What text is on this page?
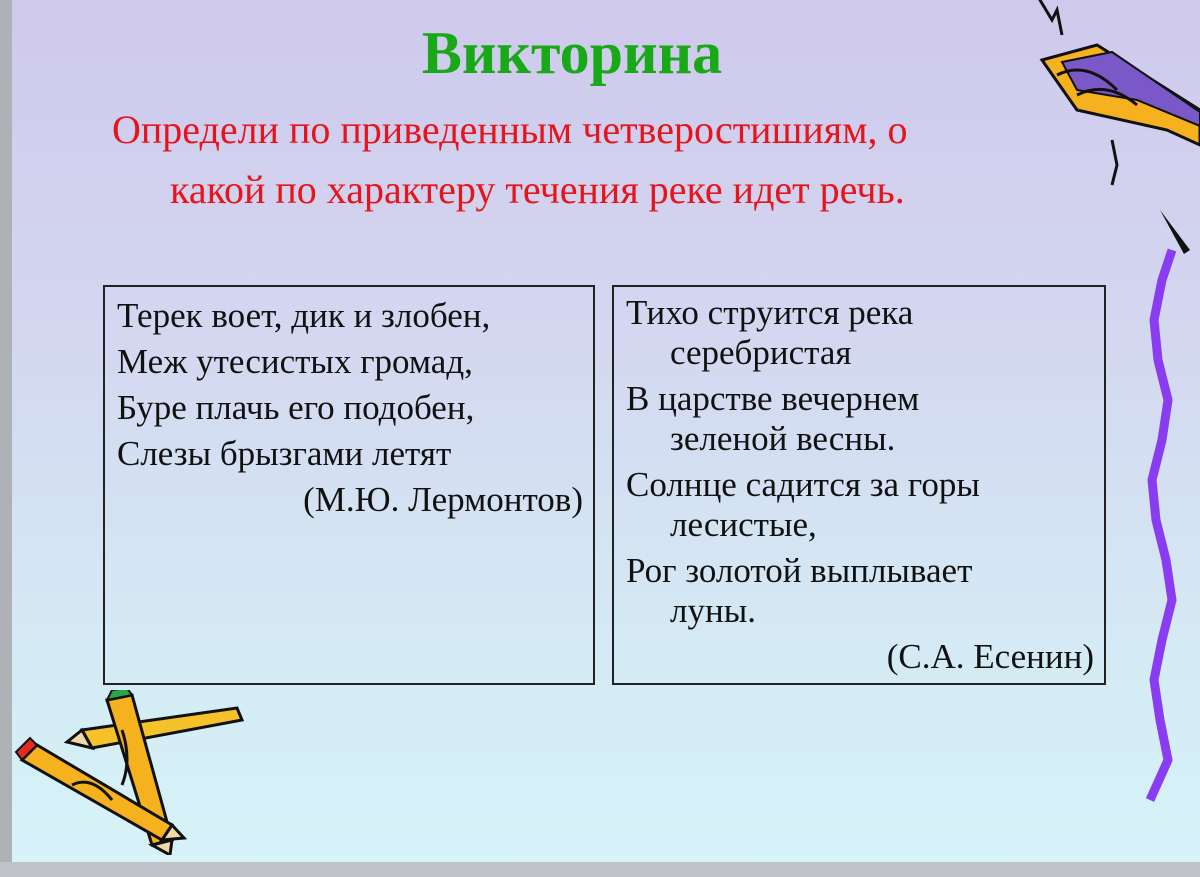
Викторина
Определи по приведенным четверостишиям, о
какой по характеру течения реке идет речь.
Терек воет, дик и злобен,
Меж утесистых громад,
Буре плачь его подобен,
Слезы брызгами летят
(М.Ю. Лермонтов)
Тихо струится река
серебристая
В царстве вечернем
зеленой весны.
Солнце садится за горы
лесистые,
Рог золотой выплывает
луны.
(С.А. Есенин)
